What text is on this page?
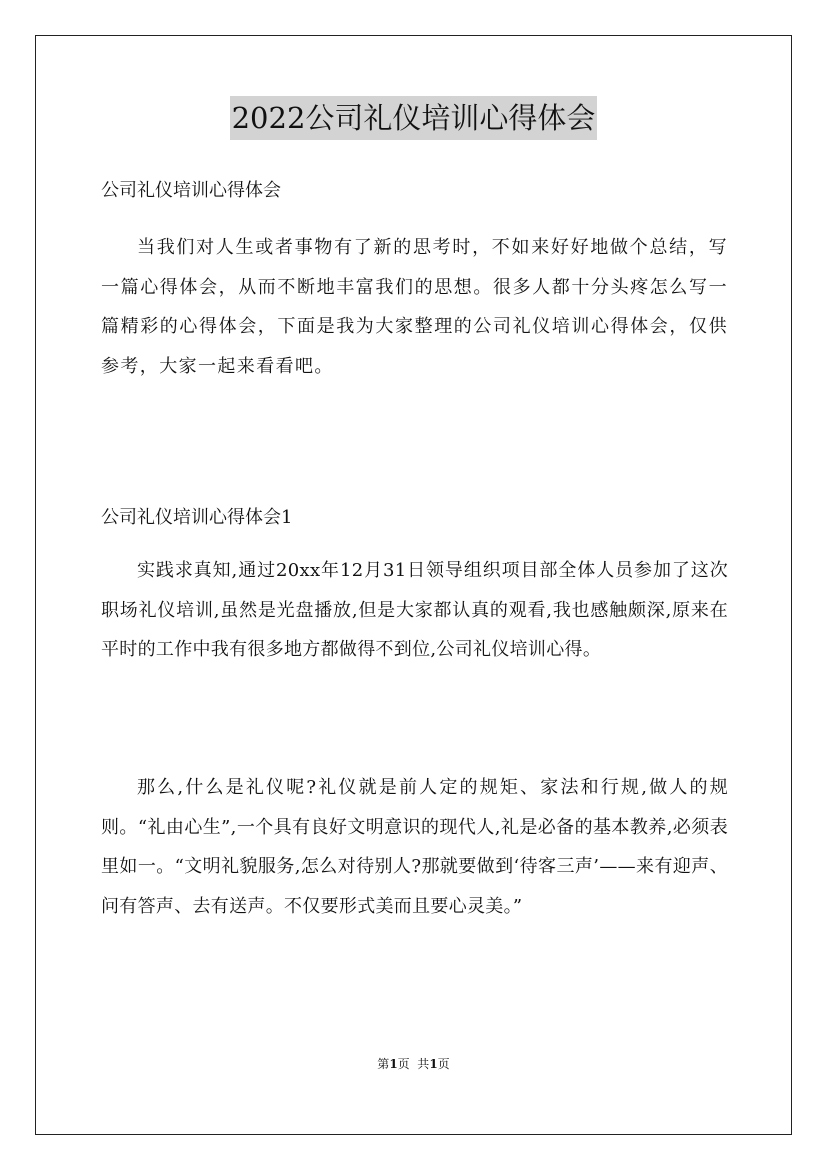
2022公司礼仪培训心得体会
公司礼仪培训心得体会

当我们对人生或者事物有了新的思考时，不如来好好地做个总结，写一篇心得体会，从而不断地丰富我们的思想。很多人都十分头疼怎么写一篇精彩的心得体会，下面是我为大家整理的公司礼仪培训心得体会，仅供参考，大家一起来看看吧。

公司礼仪培训心得体会1

实践求真知,通过20xx年12月31日领导组织项目部全体人员参加了这次职场礼仪培训,虽然是光盘播放,但是大家都认真的观看,我也感触颇深,原来在平时的工作中我有很多地方都做得不到位,公司礼仪培训心得。

那么,什么是礼仪呢?礼仪就是前人定的规矩、家法和行规,做人的规则。“礼由心生”,一个具有良好文明意识的现代人,礼是必备的基本教养,必须表里如一。“文明礼貌服务,怎么对待别人?那就要做到‘待客三声’——来有迎声、问有答声、去有送声。不仅要形式美而且要心灵美。”

第1页  共1页
